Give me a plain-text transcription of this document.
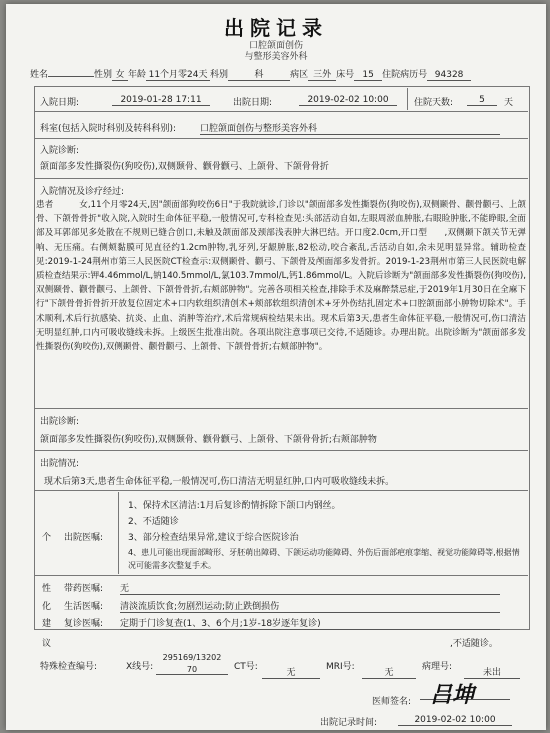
出院记录
口腔颌面创伤
与整形美容外科
姓名	性别 女 年龄 11个月零24天 科别	科	病区 三外 床号 15 住院病历号 94328
入院日期:	2019-01-28 17:11	出院日期:	2019-02-02 10:00	住院天数:	5	天
科室(包括入院时科别及转科科别):	口腔颌面创伤与整形美容外科
入院诊断:
颌面部多发性撕裂伤(狗咬伤),双侧颞骨、颧骨颧弓、上颌骨、下颌骨骨折
入院情况及诊疗经过:
患者　　　女,11个月零24天,因"颌面部狗咬伤6日"于我院就诊,门诊以"颌面部多发性撕裂伤(狗咬伤),双侧颞骨、颧骨颧弓、上颌骨、下颌骨骨折"收入院,入院时生命体征平稳,一般情况可,专科检查见:头部活动自如,左眼周淤血肿胀,右眼睑肿胀,不能睁眼,全面部及耳郭部见多处散在不规则已缝合创口,未触及颌面部及颈部浅表肿大淋巴结。开口度2.0cm,开口型　　,双侧颞下颌关节无弹响、无压痛。右侧颊黏膜可见直径约1.2cm肿物,乳牙列,牙龈肿胀,82松动,咬合紊乱,舌活动自如,余未见明显异常。辅助检查见:2019-1-24荆州市第三人民医院CT检查示:双侧颞骨、颧弓、下颌骨及颅面部多发骨折。2019-1-23荆州市第三人民医院电解质检查结果示:钾4.46mmol/L,钠140.5mmol/L,氯103.7mmol/L,钙1.86mmol/L。入院后诊断为"颌面部多发性撕裂伤(狗咬伤),双侧颞骨、颧骨颧弓、上颌骨、下颌骨骨折,右颊部肿物"。完善各项相关检查,排除手术及麻醉禁忌症,于2019年1月30日在全麻下行"下颌骨骨折骨折开放复位固定术+口内软组织清创术+颊部软组织清创术+牙外伤结扎固定术+口腔颌面部小肿物切除术"。手术顺利,术后行抗感染、抗炎、止血、消肿等治疗,术后常规病检结果未出。现术后第3天,患者生命体征平稳,一般情况可,伤口清洁无明显红肿,口内可吸收缝线未拆。上级医生批准出院。各项出院注意事项已交待,不适随诊。办理出院。出院诊断为"颌面部多发性撕裂伤(狗咬伤),双侧颞骨、颧骨颧弓、上颌骨、下颌骨骨折;右颊部肿物"。
出院诊断:
颌面部多发性撕裂伤(狗咬伤),双侧颞骨、颧骨颧弓、上颌骨、下颌骨骨折;右颊部肿物
出院情况:
现术后第3天,患者生命体征平稳,一般情况可,伤口清洁无明显红肿,口内可吸收缝线未拆。
个 出院医嘱:
1、保持术区清洁:1月后复诊酌情拆除下颌口内钢丝。
2、不适随诊
3、部分检查结果异常,建议于综合医院诊治
4、患儿可能出现面部畸形、牙胚萌出障碍、下颌运动功能障碍、外伤后面部疤痕挛缩、视觉功能障碍等,根据情况可能需多次整复手术。
性 带药医嘱: 无
化 生活医嘱: 清淡流质饮食;勿剧烈运动;防止跌倒损伤
建 复诊医嘱: 定期于门诊复查(1、3、6个月;1岁-18岁逐年复诊)
议	,不适随诊。
特殊检查编号:	X线号:
295169/13202
70	CT号:
无
MRI号:
无
病理号:
未出
医师签名: 吕坤
出院记录时间:	2019-02-02 10:00
